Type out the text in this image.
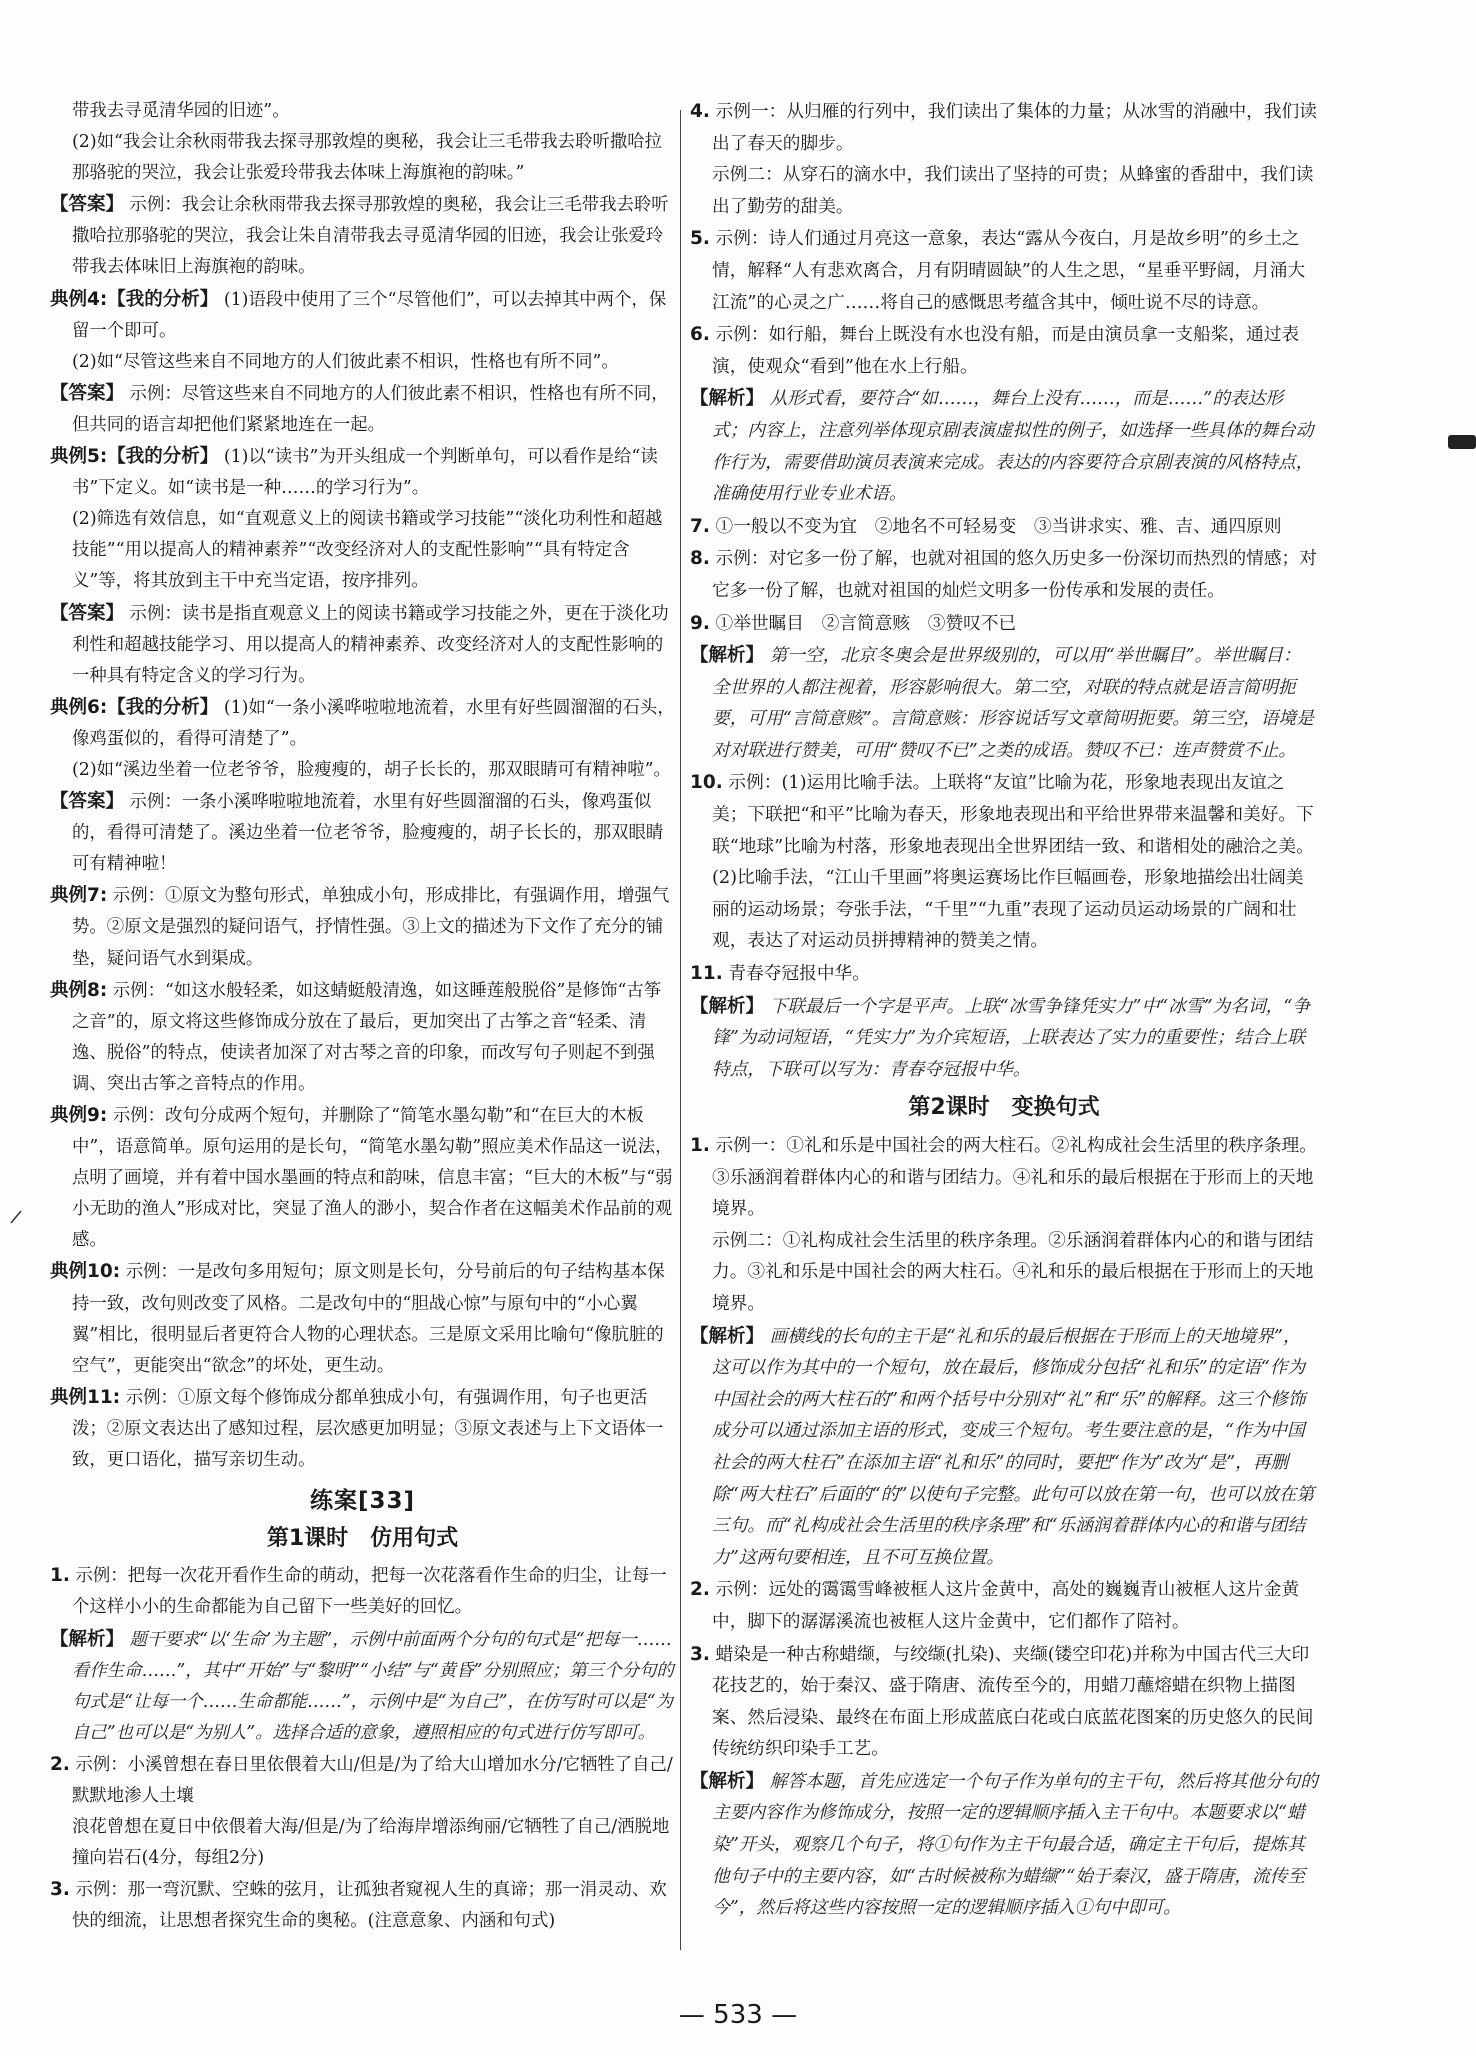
带我去寻觅清华园的旧迹”。
(2)如“我会让余秋雨带我去探寻那敦煌的奥秘，我会让三毛带我去聆听撒哈拉那骆驼的哭泣，我会让张爱玲带我去体味上海旗袍的韵味。”
【答案】 示例：我会让余秋雨带我去探寻那敦煌的奥秘，我会让三毛带我去聆听撒哈拉那骆驼的哭泣，我会让朱自清带我去寻觅清华园的旧迹，我会让张爱玲带我去体味旧上海旗袍的韵味。
典例4:【我的分析】 (1)语段中使用了三个“尽管他们”，可以去掉其中两个，保留一个即可。
(2)如“尽管这些来自不同地方的人们彼此素不相识，性格也有所不同”。
【答案】 示例：尽管这些来自不同地方的人们彼此素不相识，性格也有所不同，但共同的语言却把他们紧紧地连在一起。
典例5:【我的分析】 (1)以“读书”为开头组成一个判断单句，可以看作是给“读书”下定义。如“读书是一种……的学习行为”。
(2)筛选有效信息，如“直观意义上的阅读书籍或学习技能”“淡化功利性和超越技能”“用以提高人的精神素养”“改变经济对人的支配性影响”“具有特定含义”等，将其放到主干中充当定语，按序排列。
【答案】 示例：读书是指直观意义上的阅读书籍或学习技能之外，更在于淡化功利性和超越技能学习、用以提高人的精神素养、改变经济对人的支配性影响的一种具有特定含义的学习行为。
典例6:【我的分析】 (1)如“一条小溪哗啦啦地流着，水里有好些圆溜溜的石头，像鸡蛋似的，看得可清楚了”。
(2)如“溪边坐着一位老爷爷，脸瘦瘦的，胡子长长的，那双眼睛可有精神啦”。
【答案】 示例：一条小溪哗啦啦地流着，水里有好些圆溜溜的石头，像鸡蛋似的，看得可清楚了。溪边坐着一位老爷爷，脸瘦瘦的，胡子长长的，那双眼睛可有精神啦！
典例7: 示例：①原文为整句形式，单独成小句，形成排比，有强调作用，增强气势。②原文是强烈的疑问语气，抒情性强。③上文的描述为下文作了充分的铺垫，疑问语气水到渠成。
典例8: 示例：“如这水般轻柔，如这蜻蜓般清逸，如这睡莲般脱俗”是修饰“古筝之音”的，原文将这些修饰成分放在了最后，更加突出了古筝之音“轻柔、清逸、脱俗”的特点，使读者加深了对古琴之音的印象，而改写句子则起不到强调、突出古筝之音特点的作用。
典例9: 示例：改句分成两个短句，并删除了“简笔水墨勾勒”和“在巨大的木板中”，语意简单。原句运用的是长句，“简笔水墨勾勒”照应美术作品这一说法，点明了画境，并有着中国水墨画的特点和韵味，信息丰富；“巨大的木板”与“弱小无助的渔人”形成对比，突显了渔人的渺小，契合作者在这幅美术作品前的观感。
典例10: 示例：一是改句多用短句；原文则是长句，分号前后的句子结构基本保持一致，改句则改变了风格。二是改句中的“胆战心惊”与原句中的“小心翼翼”相比，很明显后者更符合人物的心理状态。三是原文采用比喻句“像肮脏的空气”，更能突出“欲念”的坏处，更生动。
典例11: 示例：①原文每个修饰成分都单独成小句，有强调作用，句子也更活泼；②原文表达出了感知过程，层次感更加明显；③原文表述与上下文语体一致，更口语化，描写亲切生动。
练案[33]
第1课时　仿用句式
1. 示例：把每一次花开看作生命的萌动，把每一次花落看作生命的归尘，让每一个这样小小的生命都能为自己留下一些美好的回忆。
【解析】 题干要求“以‘生命’为主题”，示例中前面两个分句的句式是“把每一……看作生命……”，其中“开始”与“黎明”“小结”与“黄昏”分别照应；第三个分句的句式是“让每一个……生命都能……”，示例中是“为自己”，在仿写时可以是“为自己”也可以是“为别人”。选择合适的意象，遵照相应的句式进行仿写即可。
2. 示例：小溪曾想在春日里依偎着大山/但是/为了给大山增加水分/它牺牲了自己/默默地渗人土壤
浪花曾想在夏日中依偎着大海/但是/为了给海岸增添绚丽/它牺牲了自己/洒脱地撞向岩石(4分，每组2分)
3. 示例：那一弯沉默、空蛛的弦月，让孤独者窥视人生的真谛；那一涓灵动、欢快的细流，让思想者探究生命的奥秘。(注意意象、内涵和句式)
4. 示例一：从归雁的行列中，我们读出了集体的力量；从冰雪的消融中，我们读出了春天的脚步。
示例二：从穿石的滴水中，我们读出了坚持的可贵；从蜂蜜的香甜中，我们读出了勤劳的甜美。
5. 示例：诗人们通过月亮这一意象，表达“露从今夜白，月是故乡明”的乡土之情，解释“人有悲欢离合，月有阴晴圆缺”的人生之思，“星垂平野阔，月涌大江流”的心灵之广……将自己的感慨思考蕴含其中，倾吐说不尽的诗意。
6. 示例：如行船，舞台上既没有水也没有船，而是由演员拿一支船桨，通过表演，使观众“看到”他在水上行船。
【解析】 从形式看，要符合“如……，舞台上没有……，而是……”的表达形式；内容上，注意列举体现京剧表演虚拟性的例子，如选择一些具体的舞台动作行为，需要借助演员表演来完成。表达的内容要符合京剧表演的风格特点，准确使用行业专业术语。
7. ①一般以不变为宜　②地名不可轻易变　③当讲求实、雅、吉、通四原则
8. 示例：对它多一份了解，也就对祖国的悠久历史多一份深切而热烈的情感；对它多一份了解，也就对祖国的灿烂文明多一份传承和发展的责任。
9. ①举世瞩目　②言简意赅　③赞叹不已
【解析】 第一空，北京冬奥会是世界级别的，可以用“举世瞩目”。举世瞩目：全世界的人都注视着，形容影响很大。第二空，对联的特点就是语言简明扼要，可用“言简意赅”。言简意赅：形容说话写文章简明扼要。第三空，语境是对对联进行赞美，可用“赞叹不已”之类的成语。赞叹不已：连声赞赏不止。
10. 示例：(1)运用比喻手法。上联将“友谊”比喻为花，形象地表现出友谊之美；下联把“和平”比喻为春天，形象地表现出和平给世界带来温馨和美好。下联“地球”比喻为村落，形象地表现出全世界团结一致、和谐相处的融洽之美。
(2)比喻手法，“江山千里画”将奥运赛场比作巨幅画卷，形象地描绘出壮阔美丽的运动场景；夸张手法，“千里”“九重”表现了运动员运动场景的广阔和壮观，表达了对运动员拼搏精神的赞美之情。
11. 青春夺冠报中华。
【解析】 下联最后一个字是平声。上联“冰雪争锋凭实力”中“冰雪”为名词，“争锋”为动词短语，“凭实力”为介宾短语，上联表达了实力的重要性；结合上联特点，下联可以写为：青春夺冠报中华。
第2课时　变换句式
1. 示例一：①礼和乐是中国社会的两大柱石。②礼构成社会生活里的秩序条理。③乐涵润着群体内心的和谐与团结力。④礼和乐的最后根据在于形而上的天地境界。
示例二：①礼构成社会生活里的秩序条理。②乐涵润着群体内心的和谐与团结力。③礼和乐是中国社会的两大柱石。④礼和乐的最后根据在于形而上的天地境界。
【解析】 画横线的长句的主干是“礼和乐的最后根据在于形而上的天地境界”，这可以作为其中的一个短句，放在最后，修饰成分包括“礼和乐”的定语“作为中国社会的两大柱石的”和两个括号中分别对“礼”和“乐”的解释。这三个修饰成分可以通过添加主语的形式，变成三个短句。考生要注意的是，“作为中国社会的两大柱石”在添加主语“礼和乐”的同时，要把“作为”改为“是”，再删除“两大柱石”后面的“的”以使句子完整。此句可以放在第一句，也可以放在第三句。而“礼构成社会生活里的秩序条理”和“乐涵润着群体内心的和谐与团结力”这两句要相连，且不可互换位置。
2. 示例：远处的霭霭雪峰被框人这片金黄中，高处的巍巍青山被框人这片金黄中，脚下的潺潺溪流也被框人这片金黄中，它们都作了陪衬。
3. 蜡染是一种古称蜡缬，与绞缬(扎染)、夹缬(镂空印花)并称为中国古代三大印花技艺的，始于秦汉、盛于隋唐、流传至今的，用蜡刀蘸熔蜡在织物上描图案、然后浸染、最终在布面上形成蓝底白花或白底蓝花图案的历史悠久的民间传统纺织印染手工艺。
【解析】 解答本题，首先应选定一个句子作为单句的主干句，然后将其他分句的主要内容作为修饰成分，按照一定的逻辑顺序插入主干句中。本题要求以“蜡染”开头，观察几个句子，将①句作为主干句最合适，确定主干句后，提炼其他句子中的主要内容，如“古时候被称为蜡缬”“始于秦汉，盛于隋唐，流传至今”，然后将这些内容按照一定的逻辑顺序插入①句中即可。
— 533 —
